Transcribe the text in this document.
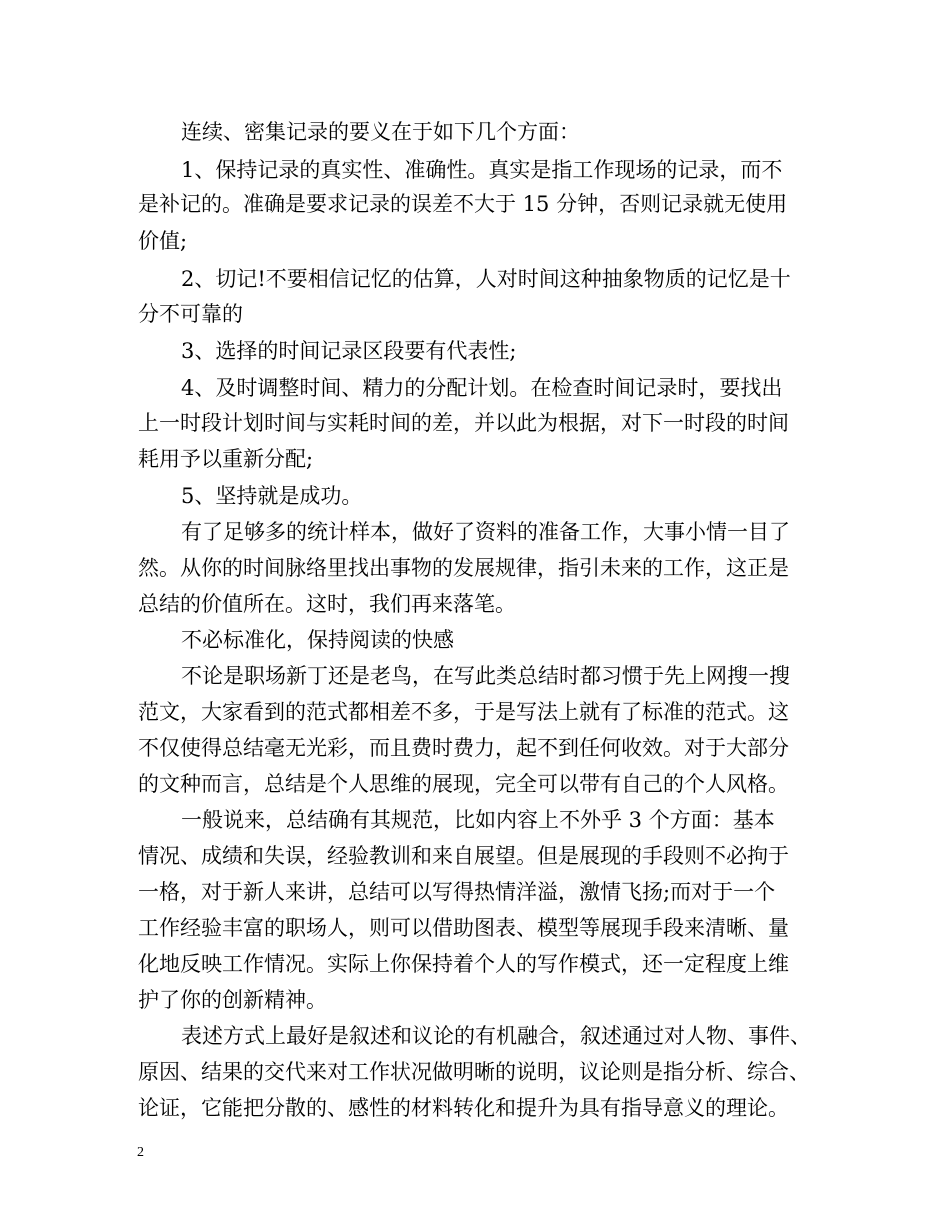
连续、密集记录的要义在于如下几个方面：
1、保持记录的真实性、准确性。真实是指工作现场的记录，而不
是补记的。准确是要求记录的误差不大于 15 分钟，否则记录就无使用
价值;
2、切记!不要相信记忆的估算，人对时间这种抽象物质的记忆是十
分不可靠的
3、选择的时间记录区段要有代表性;
4、及时调整时间、精力的分配计划。在检查时间记录时，要找出
上一时段计划时间与实耗时间的差，并以此为根据，对下一时段的时间
耗用予以重新分配;
5、坚持就是成功。
有了足够多的统计样本，做好了资料的准备工作，大事小情一目了
然。从你的时间脉络里找出事物的发展规律，指引未来的工作，这正是
总结的价值所在。这时，我们再来落笔。
不必标准化，保持阅读的快感
不论是职场新丁还是老鸟，在写此类总结时都习惯于先上网搜一搜
范文，大家看到的范式都相差不多，于是写法上就有了标准的范式。这
不仅使得总结毫无光彩，而且费时费力，起不到任何收效。对于大部分
的文种而言，总结是个人思维的展现，完全可以带有自己的个人风格。
一般说来，总结确有其规范，比如内容上不外乎 3 个方面：基本
情况、成绩和失误，经验教训和来自展望。但是展现的手段则不必拘于
一格，对于新人来讲，总结可以写得热情洋溢，激情飞扬;而对于一个
工作经验丰富的职场人，则可以借助图表、模型等展现手段来清晰、量
化地反映工作情况。实际上你保持着个人的写作模式，还一定程度上维
护了你的创新精神。
表述方式上最好是叙述和议论的有机融合，叙述通过对人物、事件、
原因、结果的交代来对工作状况做明晰的说明，议论则是指分析、综合、
论证，它能把分散的、感性的材料转化和提升为具有指导意义的理论。
2
